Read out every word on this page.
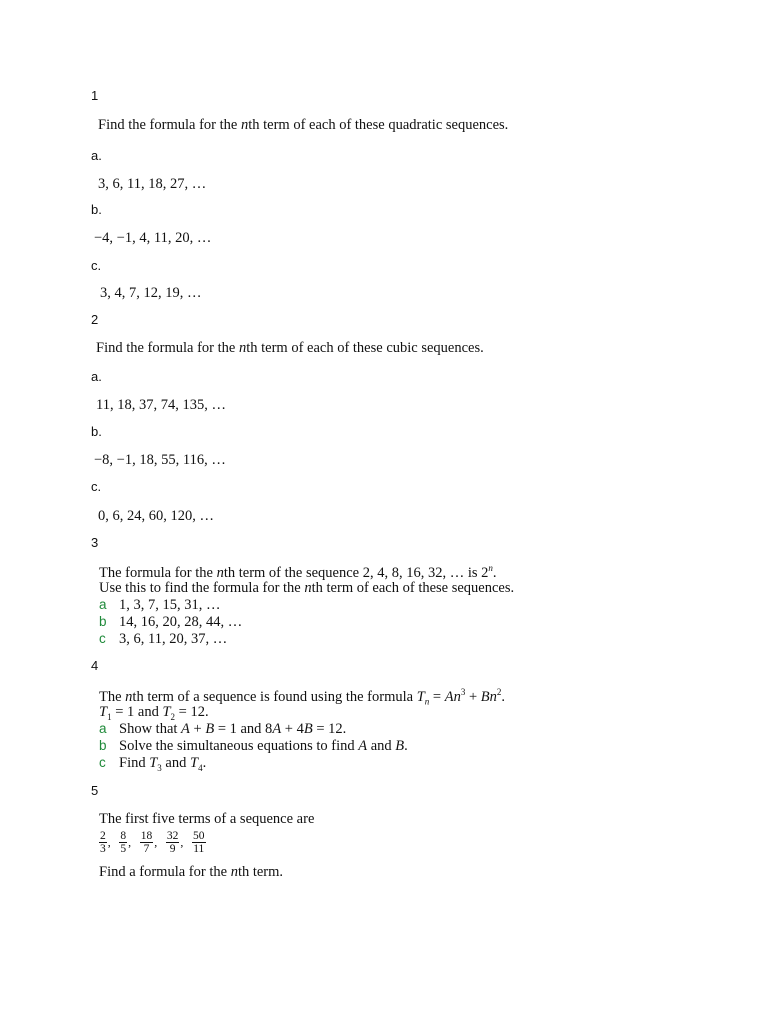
1
Find the formula for the nth term of each of these quadratic sequences.
a.
3, 6, 11, 18, 27, …
b.
−4, −1, 4, 11, 20, …
c.
3, 4, 7, 12, 19, …
2
Find the formula for the nth term of each of these cubic sequences.
a.
11, 18, 37, 74, 135, …
b.
−8, −1, 18, 55, 116, …
c.
0, 6, 24, 60, 120, …
3
The formula for the nth term of the sequence 2, 4, 8, 16, 32, … is 2$^n$.
Use this to find the formula for the nth term of each of these sequences.
a 1, 3, 7, 15, 31, …
b 14, 16, 20, 28, 44, …
c 3, 6, 11, 20, 37, …
4
The nth term of a sequence is found using the formula $T_n = An^3 + Bn^2$.
$T_1 = 1$ and $T_2 = 12$.
a Show that A + B = 1 and 8A + 4B = 12.
b Solve the simultaneous equations to find A and B.
c Find $T_3$ and $T_4$.
5
The first five terms of a sequence are
$\frac{2}{3}$ , $\frac{8}{5}$ , $\frac{18}{7}$ , $\frac{32}{9}$ , $\frac{50}{11}$
Find a formula for the nth term.
